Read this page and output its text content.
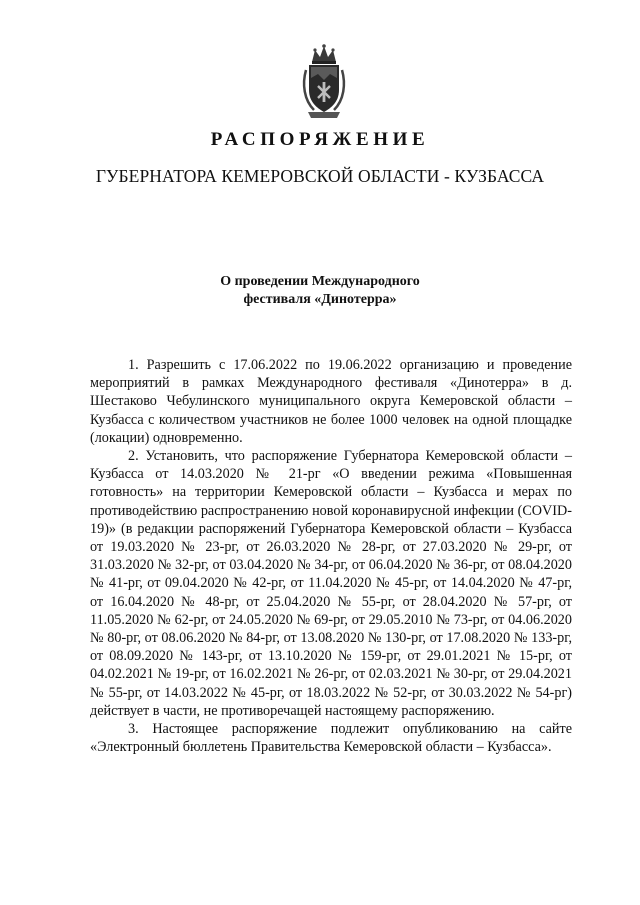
РАСПОРЯЖЕНИЕ
ГУБЕРНАТОРА КЕМЕРОВСКОЙ ОБЛАСТИ - КУЗБАССА
О проведении Международного
фестиваля «Динотерра»

1. Разрешить с 17.06.2022 по 19.06.2022 организацию и проведение мероприятий в рамках Международного фестиваля «Динотерра» в д. Шестаково Чебулинского муниципального округа Кемеровской области – Кузбасса с количеством участников не более 1000 человек на одной площадке (локации) одновременно.

2. Установить, что распоряжение Губернатора Кемеровской области – Кузбасса от 14.03.2020 № 21-рг «О введении режима «Повышенная готовность» на территории Кемеровской области – Кузбасса и мерах по противодействию распространению новой коронавирусной инфекции (COVID-19)» (в редакции распоряжений Губернатора Кемеровской области – Кузбасса от 19.03.2020 № 23-рг, от 26.03.2020 № 28-рг, от 27.03.2020 № 29-рг, от 31.03.2020 № 32-рг, от 03.04.2020 № 34-рг, от 06.04.2020 № 36-рг, от 08.04.2020 № 41-рг, от 09.04.2020 № 42-рг, от 11.04.2020 № 45-рг, от 14.04.2020 № 47-рг, от 16.04.2020 № 48-рг, от 25.04.2020 № 55-рг, от 28.04.2020 № 57-рг, от 11.05.2020 № 62-рг, от 24.05.2020 № 69-рг, от 29.05.2010 № 73-рг, от 04.06.2020 № 80-рг, от 08.06.2020 № 84-рг, от 13.08.2020 № 130-рг, от 17.08.2020 № 133-рг, от 08.09.2020 № 143-рг, от 13.10.2020 № 159-рг, от 29.01.2021 № 15-рг, от 04.02.2021 № 19-рг, от 16.02.2021 № 26-рг, от 02.03.2021 № 30-рг, от 29.04.2021 № 55-рг, от 14.03.2022 № 45-рг, от 18.03.2022 № 52-рг, от 30.03.2022 № 54-рг) действует в части, не противоречащей настоящему распоряжению.

3. Настоящее распоряжение подлежит опубликованию на сайте «Электронный бюллетень Правительства Кемеровской области – Кузбасса».
